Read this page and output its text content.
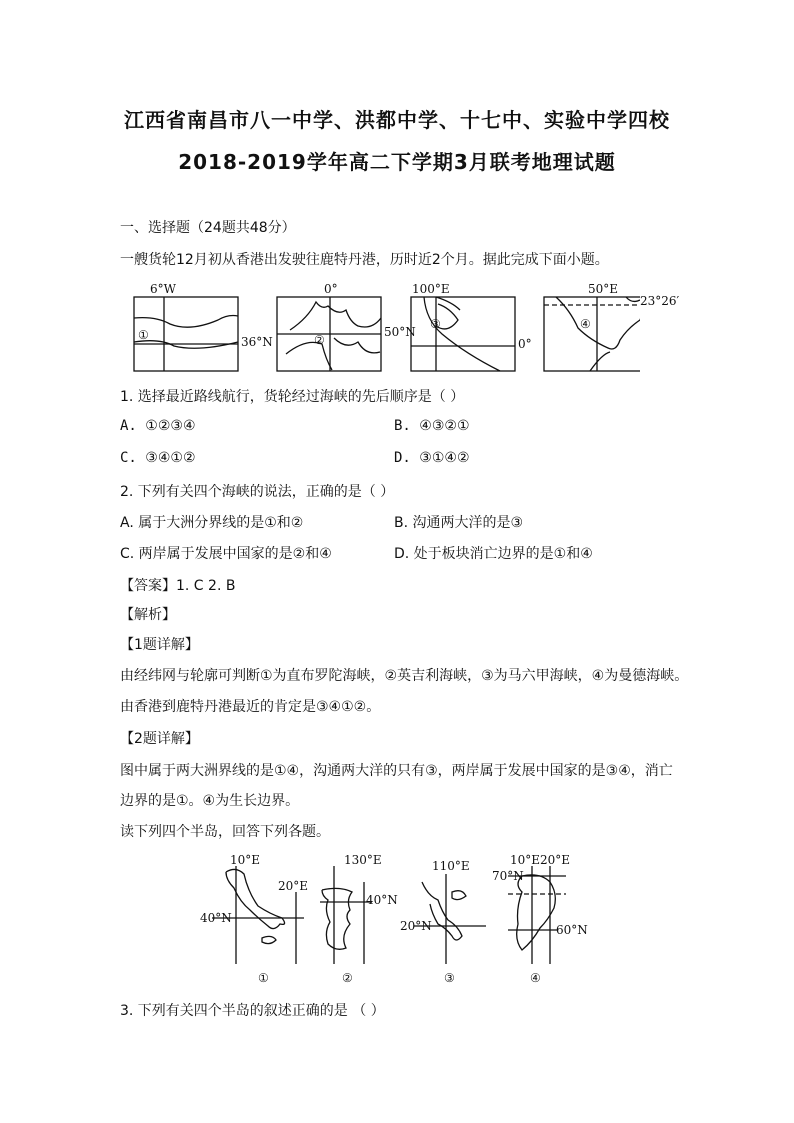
江西省南昌市八一中学、洪都中学、十七中、实验中学四校
2018-2019学年高二下学期3月联考地理试题
一、选择题（24题共48分）
一艘货轮12月初从香港出发驶往鹿特丹港，历时近2个月。据此完成下面小题。
6°W
36°N
①
0°
50°N
②
100°E
0°
③
50°E
④
23°26′
1. 选择最近路线航行，货轮经过海峡的先后顺序是（ ）
A. ①②③④	B. ④③②①
C. ③④①②	D. ③①④②
2. 下列有关四个海峡的说法，正确的是（ ）
A. 属于大洲分界线的是①和②	B. 沟通两大洋的是③
C. 两岸属于发展中国家的是②和④	D. 处于板块消亡边界的是①和④
【答案】1. C 2. B
【解析】
【1题详解】
由经纬网与轮廓可判断①为直布罗陀海峡，②英吉利海峡，③为马六甲海峡，④为曼德海峡。
由香港到鹿特丹港最近的肯定是③④①②。
【2题详解】
图中属于两大洲界线的是①④，沟通两大洋的只有③，两岸属于发展中国家的是③④，消亡
边界的是①。④为生长边界。
读下列四个半岛，回答下列各题。
10°E
20°E
40°N
①
130°E
40°N
②
110°E
20°N
③
10°E 20°E
70°N
60°N
④
3. 下列有关四个半岛的叙述正确的是 （ ）
